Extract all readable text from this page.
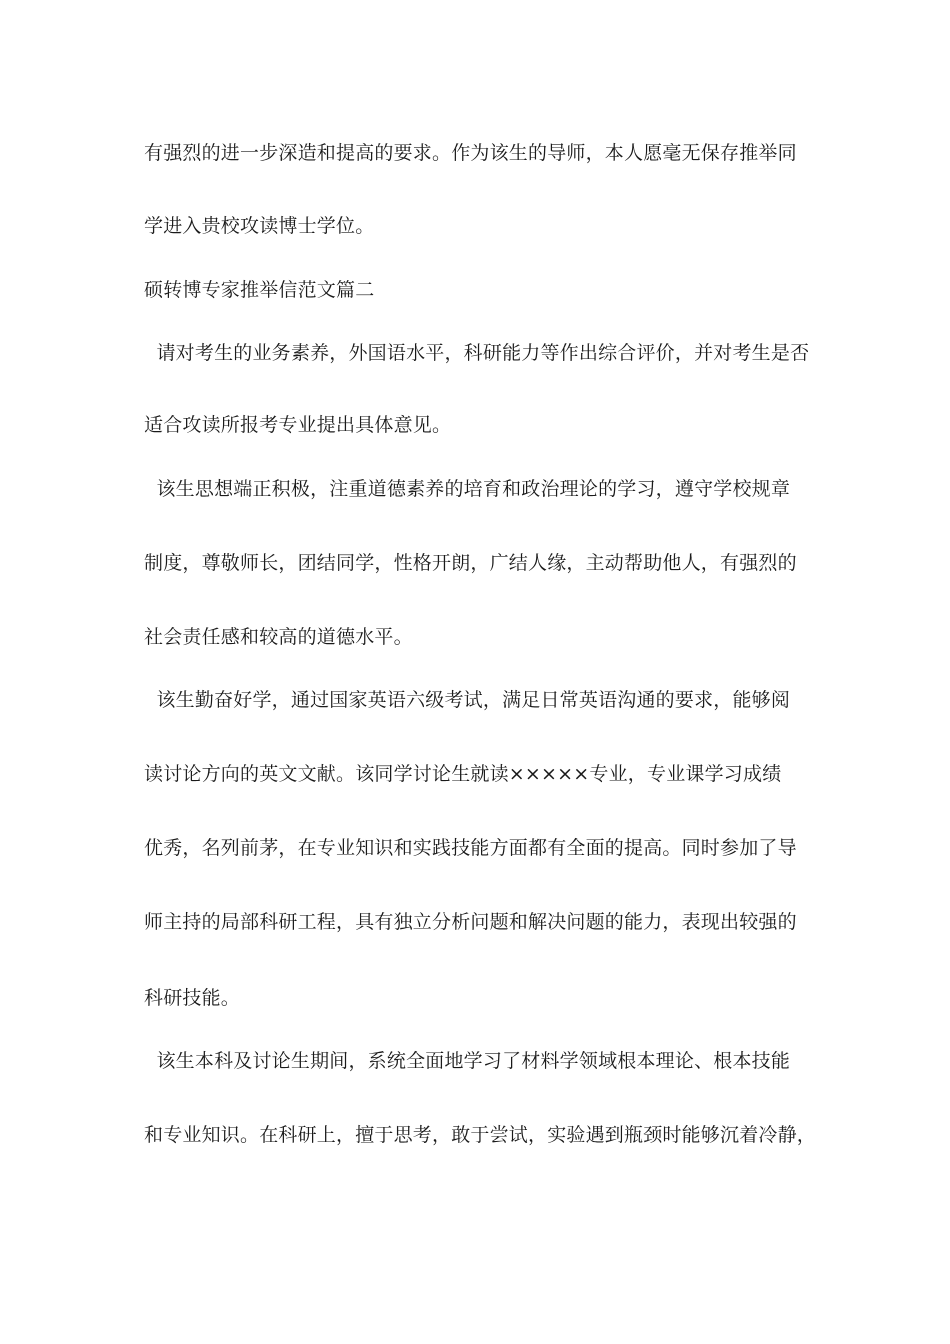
有强烈的进一步深造和提高的要求。作为该生的导师，本人愿毫无保存推举同
学进入贵校攻读博士学位。
硕转博专家推举信范文篇二
请对考生的业务素养，外国语水平，科研能力等作出综合评价，并对考生是否
适合攻读所报考专业提出具体意见。
该生思想端正积极，注重道德素养的培育和政治理论的学习，遵守学校规章
制度，尊敬师长，团结同学，性格开朗，广结人缘，主动帮助他人，有强烈的
社会责任感和较高的道德水平。
该生勤奋好学，通过国家英语六级考试，满足日常英语沟通的要求，能够阅
读讨论方向的英文文献。该同学讨论生就读×××××专业，专业课学习成绩
优秀，名列前茅，在专业知识和实践技能方面都有全面的提高。同时参加了导
师主持的局部科研工程，具有独立分析问题和解决问题的能力，表现出较强的
科研技能。
该生本科及讨论生期间，系统全面地学习了材料学领域根本理论、根本技能
和专业知识。在科研上，擅于思考，敢于尝试，实验遇到瓶颈时能够沉着冷静，
